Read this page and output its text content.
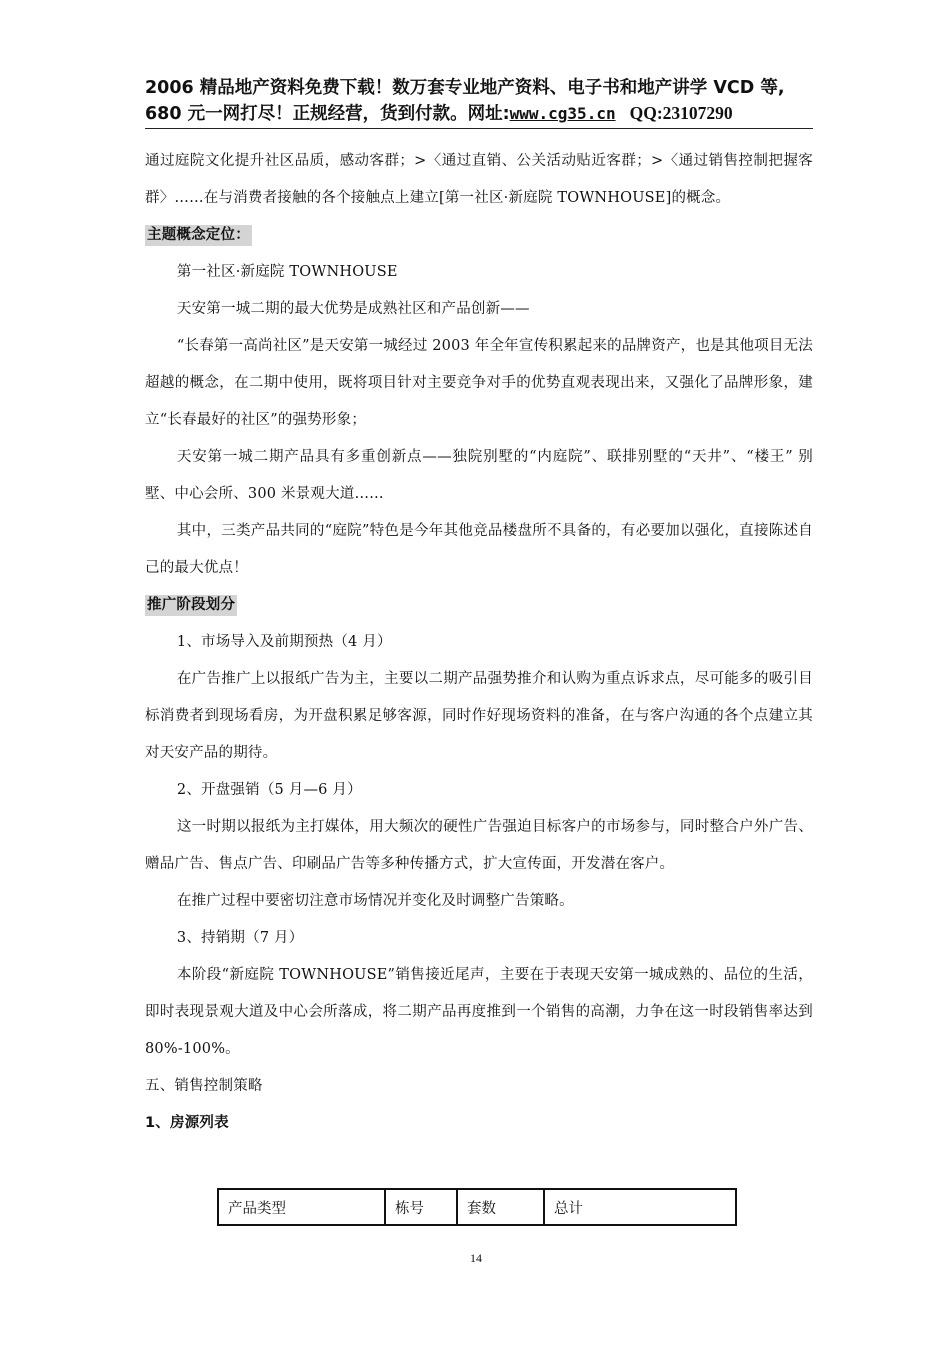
2006 精品地产资料免费下载！数万套专业地产资料、电子书和地产讲学 VCD 等,
680 元一网打尽！正规经营，货到付款。网址:www.cg35.cn QQ:23107290

通过庭院文化提升社区品质，感动客群；>〈通过直销、公关活动贴近客群；>〈通过销售控制把握客群〉……在与消费者接触的各个接触点上建立[第一社区·新庭院 TOWNHOUSE]的概念。

主题概念定位：

第一社区·新庭院 TOWNHOUSE

天安第一城二期的最大优势是成熟社区和产品创新——

“长春第一高尚社区”是天安第一城经过 2003 年全年宣传积累起来的品牌资产，也是其他项目无法超越的概念，在二期中使用，既将项目针对主要竞争对手的优势直观表现出来，又强化了品牌形象，建立“长春最好的社区”的强势形象；

天安第一城二期产品具有多重创新点——独院别墅的“内庭院”、联排别墅的“天井”、“楼王” 别墅、中心会所、300 米景观大道……

其中，三类产品共同的“庭院”特色是今年其他竞品楼盘所不具备的，有必要加以强化，直接陈述自己的最大优点！

推广阶段划分

1、市场导入及前期预热（4 月）

在广告推广上以报纸广告为主，主要以二期产品强势推介和认购为重点诉求点，尽可能多的吸引目标消费者到现场看房，为开盘积累足够客源，同时作好现场资料的准备，在与客户沟通的各个点建立其对天安产品的期待。

2、开盘强销（5 月—6 月）

这一时期以报纸为主打媒体，用大频次的硬性广告强迫目标客户的市场参与，同时整合户外广告、赠品广告、售点广告、印刷品广告等多种传播方式，扩大宣传面，开发潜在客户。

在推广过程中要密切注意市场情况并变化及时调整广告策略。

3、持销期（7 月）

本阶段“新庭院 TOWNHOUSE”销售接近尾声，主要在于表现天安第一城成熟的、品位的生活，即时表现景观大道及中心会所落成，将二期产品再度推到一个销售的高潮，力争在这一时段销售率达到 80%-100%。

五、销售控制策略

1、房源列表

产品类型	栋号	套数	总计
14
